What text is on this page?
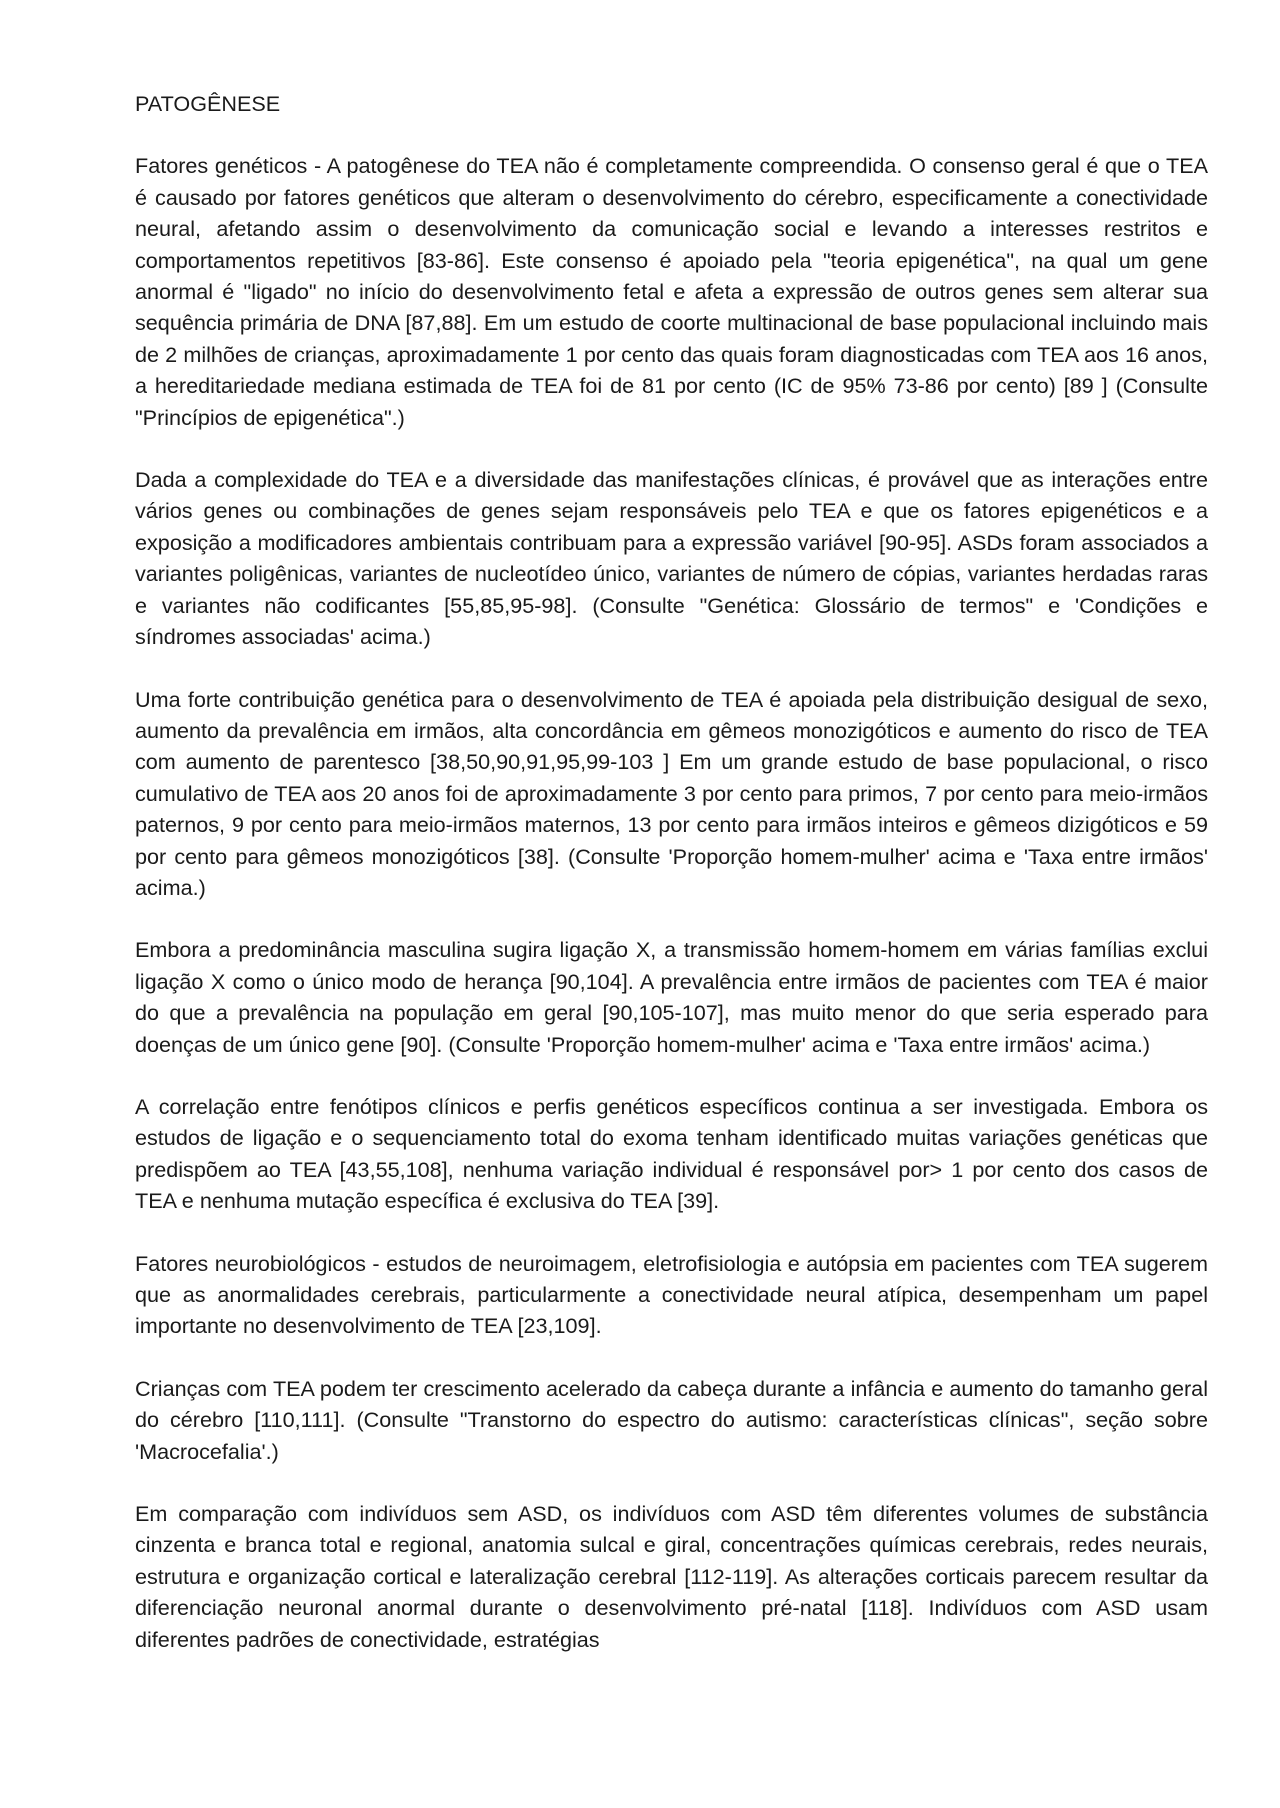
PATOGÊNESE

Fatores genéticos - A patogênese do TEA não é completamente compreendida. O consenso geral é que o TEA é causado por fatores genéticos que alteram o desenvolvimento do cérebro, especificamente a conectividade neural, afetando assim o desenvolvimento da comunicação social e levando a interesses restritos e comportamentos repetitivos [83-86]. Este consenso é apoiado pela "teoria epigenética", na qual um gene anormal é "ligado" no início do desenvolvimento fetal e afeta a expressão de outros genes sem alterar sua sequência primária de DNA [87,88]. Em um estudo de coorte multinacional de base populacional incluindo mais de 2 milhões de crianças, aproximadamente 1 por cento das quais foram diagnosticadas com TEA aos 16 anos, a hereditariedade mediana estimada de TEA foi de 81 por cento (IC de 95% 73-86 por cento) [89 ] (Consulte "Princípios de epigenética".)

Dada a complexidade do TEA e a diversidade das manifestações clínicas, é provável que as interações entre vários genes ou combinações de genes sejam responsáveis pelo TEA e que os fatores epigenéticos e a exposição a modificadores ambientais contribuam para a expressão variável [90-95]. ASDs foram associados a variantes poligênicas, variantes de nucleotídeo único, variantes de número de cópias, variantes herdadas raras e variantes não codificantes [55,85,95-98]. (Consulte "Genética: Glossário de termos" e 'Condições e síndromes associadas' acima.)

Uma forte contribuição genética para o desenvolvimento de TEA é apoiada pela distribuição desigual de sexo, aumento da prevalência em irmãos, alta concordância em gêmeos monozigóticos e aumento do risco de TEA com aumento de parentesco [38,50,90,91,95,99-103 ] Em um grande estudo de base populacional, o risco cumulativo de TEA aos 20 anos foi de aproximadamente 3 por cento para primos, 7 por cento para meio-irmãos paternos, 9 por cento para meio-irmãos maternos, 13 por cento para irmãos inteiros e gêmeos dizigóticos e 59 por cento para gêmeos monozigóticos [38]. (Consulte 'Proporção homem-mulher' acima e 'Taxa entre irmãos' acima.)

Embora a predominância masculina sugira ligação X, a transmissão homem-homem em várias famílias exclui ligação X como o único modo de herança [90,104]. A prevalência entre irmãos de pacientes com TEA é maior do que a prevalência na população em geral [90,105-107], mas muito menor do que seria esperado para doenças de um único gene [90]. (Consulte 'Proporção homem-mulher' acima e 'Taxa entre irmãos' acima.)

A correlação entre fenótipos clínicos e perfis genéticos específicos continua a ser investigada. Embora os estudos de ligação e o sequenciamento total do exoma tenham identificado muitas variações genéticas que predispõem ao TEA [43,55,108], nenhuma variação individual é responsável por> 1 por cento dos casos de TEA e nenhuma mutação específica é exclusiva do TEA [39].

Fatores neurobiológicos - estudos de neuroimagem, eletrofisiologia e autópsia em pacientes com TEA sugerem que as anormalidades cerebrais, particularmente a conectividade neural atípica, desempenham um papel importante no desenvolvimento de TEA [23,109].

Crianças com TEA podem ter crescimento acelerado da cabeça durante a infância e aumento do tamanho geral do cérebro [110,111]. (Consulte "Transtorno do espectro do autismo: características clínicas", seção sobre 'Macrocefalia'.)

Em comparação com indivíduos sem ASD, os indivíduos com ASD têm diferentes volumes de substância cinzenta e branca total e regional, anatomia sulcal e giral, concentrações químicas cerebrais, redes neurais, estrutura e organização cortical e lateralização cerebral [112-119]. As alterações corticais parecem resultar da diferenciação neuronal anormal durante o desenvolvimento pré-natal [118]. Indivíduos com ASD usam diferentes padrões de conectividade, estratégias
